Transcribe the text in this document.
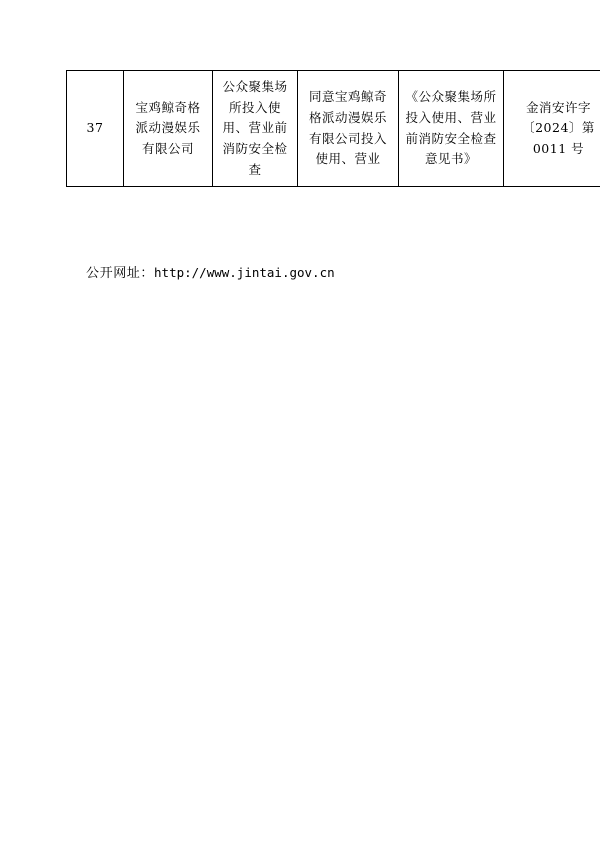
37	宝鸡鲸奇格派动漫娱乐有限公司	公众聚集场所投入使用、营业前消防安全检查	同意宝鸡鲸奇格派动漫娱乐有限公司投入使用、营业	《公众聚集场所投入使用、营业前消防安全检查意见书》	金消安许字〔2024〕第0011 号
公开网址：http://www.jintai.gov.cn
